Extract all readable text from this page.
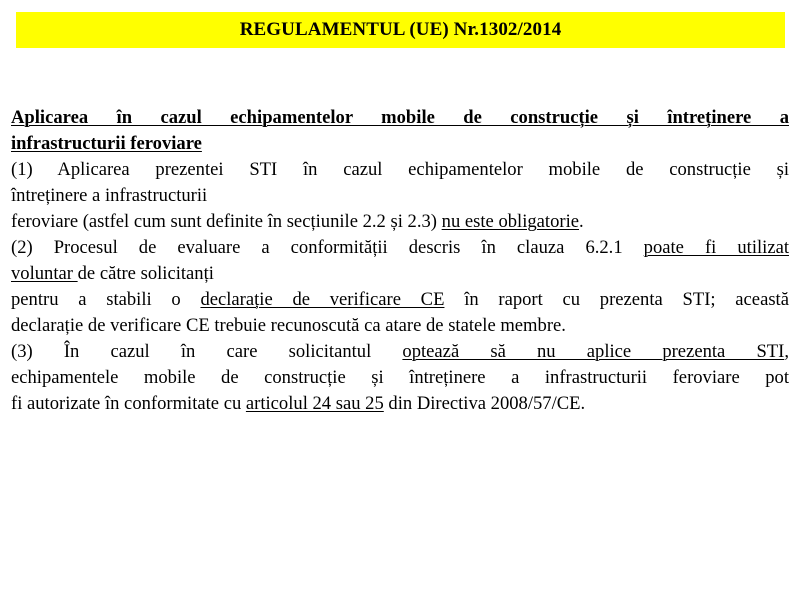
REGULAMENTUL (UE) Nr.1302/2014

Aplicarea în cazul echipamentelor mobile de construcție și întreținere a

infrastructurii feroviare

(1) Aplicarea prezentei STI în cazul echipamentelor mobile de construcție și

întreținere a infrastructurii

feroviare (astfel cum sunt definite în secțiunile 2.2 și 2.3) nu este obligatorie.

(2) Procesul de evaluare a conformității descris în clauza 6.2.1 poate fi utilizat

voluntar de către solicitanți

pentru a stabili o declarație de verificare CE în raport cu prezenta STI; această

declarație de verificare CE trebuie recunoscută ca atare de statele membre.

(3) În cazul în care solicitantul optează să nu aplice prezenta STI,

echipamentele mobile de construcție și întreținere a infrastructurii feroviare pot

fi autorizate în conformitate cu articolul 24 sau 25 din Directiva 2008/57/CE.
